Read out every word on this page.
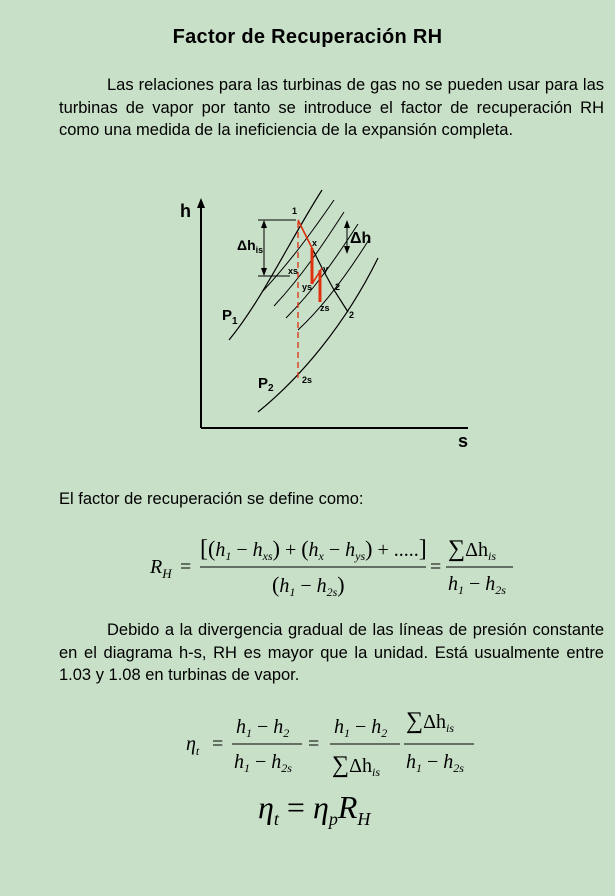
Factor de Recuperación RH

Las relaciones para las turbinas de gas no se pueden usar para las turbinas de vapor por tanto se introduce el factor de recuperación RH como una medida de la ineficiencia de la expansión completa.

h
s
$\Delta h_{is}$
Δh
$P_1$
$P_2$
1
x
xs	y
ys	2
zs
2
2s

El factor de recuperación se define como:

$R_H$ =
[$(h_1 - h_{xs}) + (h_x - h_{ys})$ + .....]
$(h_1 - h_{2s})$
=
$\sum\Delta h_{is}$
$h_1 - h_{2s}$

Debido a la divergencia gradual de las líneas de presión constante en el diagrama h-s, RH es mayor que la unidad. Está usualmente entre 1.03 y 1.08 en turbinas de vapor.

$\eta_t$ =
$h_1 - h_2$
$h_1 - h_{2s}$
=
$h_1 - h_2$
$\sum\Delta h_{is}$
$\sum\Delta h_{is}$
$h_1 - h_{2s}$
$\eta_t = \eta_pR_H$
